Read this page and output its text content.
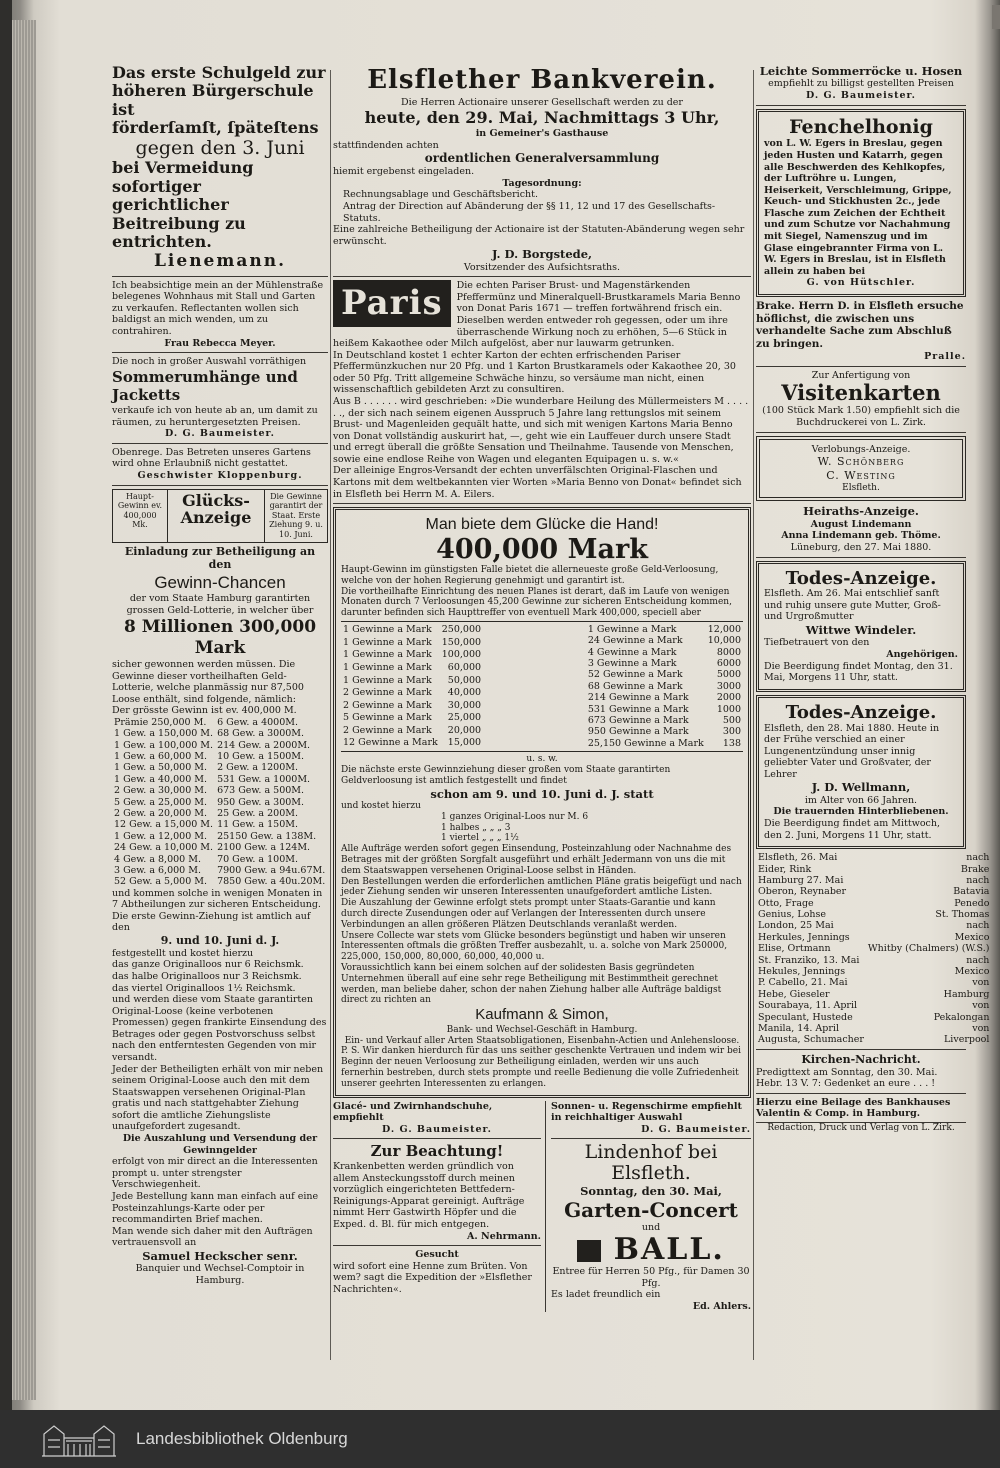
Das erste Schulgeld zur

höheren Bürgerschule ist

förderſamſt, ſpäteſtens

gegen den 3. Juni

bei Vermeidung sofortiger

gerichtlicher Beitreibung zu

entrichten.

Lienemann.

Ich beabsichtige mein an der Mühlenstraße belegenes Wohnhaus mit Stall und Garten zu verkaufen. Reflectanten wollen sich baldigst an mich wenden, um zu contrahiren.

Frau Rebecca Meyer.

Die noch in großer Auswahl vorräthigen

Sommerumhänge und Jacketts

verkaufe ich von heute ab an, um damit zu räumen, zu heruntergesetzten Preisen.

D. G. Baumeister.

Obenrege. Das Betreten unseres Gartens wird ohne Erlaubniß nicht gestattet.

Geschwister Kloppenburg.

Haupt-Gewinn ev. 400,000 Mk.
Glücks-Anzeige
Die Gewinne garantirt der Staat. Erste Ziehung 9. u. 10. Juni.

Einladung zur Betheiligung an den

Gewinn-Chancen

der vom Staate Hamburg garantirten grossen Geld-Lotterie, in welcher über

8 Millionen 300,000 Mark

sicher gewonnen werden müssen. Die Gewinne dieser vortheilhaften Geld-Lotterie, welche planmässig nur 87,500 Loose enthält, sind folgende, nämlich:

Der grösste Gewinn ist ev. 400,000 M.

Prämie 250,000 M.	6 Gew. a 4000M.
1 Gew. a 150,000 M.	68 Gew. a 3000M.
1 Gew. a 100,000 M.	214 Gew. a 2000M.
1 Gew. a 60,000 M.	10 Gew. a 1500M.
1 Gew. a 50,000 M.	2 Gew. a 1200M.
1 Gew. a 40,000 M.	531 Gew. a 1000M.
2 Gew. a 30,000 M.	673 Gew. a 500M.
5 Gew. a 25,000 M.	950 Gew. a 300M.
2 Gew. a 20,000 M.	25 Gew. a 200M.
12 Gew. a 15,000 M.	11 Gew. a 150M.
1 Gew. a 12,000 M.	25150 Gew. a 138M.
24 Gew. a 10,000 M.	2100 Gew. a 124M.
4 Gew. a 8,000 M.	70 Gew. a 100M.
3 Gew. a 6,000 M.	7900 Gew. a 94u.67M.
52 Gew. a 5,000 M.	7850 Gew. a 40u.20M.

und kommen solche in wenigen Monaten in 7 Abtheilungen zur sicheren Entscheidung.

Die erste Gewinn-Ziehung ist amtlich auf den

9. und 10. Juni d. J.

festgestellt und kostet hierzu

das ganze Originalloos nur 6 Reichsmk.

das halbe Originalloos nur 3 Reichsmk.

das viertel Originalloos 1½ Reichsmk.

und werden diese vom Staate garantirten Original-Loose (keine verbotenen Promessen) gegen frankirte Einsendung des Betrages oder gegen Postvorschuss selbst nach den entferntesten Gegenden von mir versandt.

Jeder der Betheiligten erhält von mir neben seinem Original-Loose auch den mit dem Staatswappen versehenen Original-Plan gratis und nach stattgehabter Ziehung sofort die amtliche Ziehungsliste unaufgefordert zugesandt.

Die Auszahlung und Versendung der Gewinngelder

erfolgt von mir direct an die Interessenten prompt u. unter strengster Verschwiegenheit.

Jede Bestellung kann man einfach auf eine Posteinzahlungs-Karte oder per recommandirten Brief machen.

Man wende sich daher mit den Aufträgen vertrauensvoll an

Samuel Heckscher senr.

Banquier und Wechsel-Comptoir in Hamburg.

Elsflether Bankverein.

Die Herren Actionaire unserer Gesellschaft werden zu der

heute, den 29. Mai, Nachmittags 3 Uhr,

in Gemeiner's Gasthause

stattfindenden achten

ordentlichen Generalversammlung

hiemit ergebenst eingeladen.

Tagesordnung:

Rechnungsablage und Geschäftsbericht.

Antrag der Direction auf Abänderung der §§ 11, 12 und 17 des Gesellschafts-Statuts.

Eine zahlreiche Betheiligung der Actionaire ist der Statuten-Abänderung wegen sehr erwünscht.

J. D. Borgstede,

Vorsitzender des Aufsichtsraths.

Paris	Die echten Pariser Brust- und Magenstärkenden Pfeffermünz und Mineralquell-Brustkaramels Maria Benno von Donat Paris 1671 — treffen fortwährend frisch ein. Dieselben werden entweder roh gegessen, oder um ihre überraschende Wirkung noch zu erhöhen, 5—6 Stück in heißem Kakaothee oder Milch aufgelöst, aber nur lauwarm getrunken.

In Deutschland kostet 1 echter Karton der echten erfrischenden Pariser Pfeffermünzkuchen nur 20 Pfg. und 1 Karton Brustkaramels oder Kakaothee 20, 30 oder 50 Pfg. Tritt allgemeine Schwäche hinzu, so versäume man nicht, einen wissenschaftlich gebildeten Arzt zu consultiren.

Aus B . . . . . . wird geschrieben: »Die wunderbare Heilung des Müllermeisters M . . . . . ., der sich nach seinem eigenen Ausspruch 5 Jahre lang rettungslos mit seinem Brust- und Magenleiden gequält hatte, und sich mit wenigen Kartons Maria Benno von Donat vollständig auskurirt hat, —, geht wie ein Lauffeuer durch unsere Stadt und erregt überall die größte Sensation und Theilnahme. Tausende von Menschen, sowie eine endlose Reihe von Wagen und eleganten Equipagen u. s. w.«

Der alleinige Engros-Versandt der echten unverfälschten Original-Flaschen und Kartons mit dem weltbekannten vier Worten »Maria Benno von Donat« befindet sich in Elsfleth bei Herrn M. A. Eilers.

Man biete dem Glücke die Hand!

400,000 Mark

Haupt-Gewinn im günstigsten Falle bietet die allerneueste große Geld-Verloosung, welche von der hohen Regierung genehmigt und garantirt ist.

Die vortheilhafte Einrichtung des neuen Planes ist derart, daß im Laufe von wenigen Monaten durch 7 Verloosungen 45,200 Gewinne zur sicheren Entscheidung kommen, darunter befinden sich Haupttreffer von eventuell Mark 400,000, speciell aber

1 Gewinne a Mark	250,000
1 Gewinne a Mark	150,000
1 Gewinne a Mark	100,000
1 Gewinne a Mark	60,000
1 Gewinne a Mark	50,000
2 Gewinne a Mark	40,000
2 Gewinne a Mark	30,000
5 Gewinne a Mark	25,000
2 Gewinne a Mark	20,000
12 Gewinne a Mark	15,000
1 Gewinne a Mark	12,000
24 Gewinne a Mark	10,000
4 Gewinne a Mark	8000
3 Gewinne a Mark	6000
52 Gewinne a Mark	5000
68 Gewinne a Mark	3000
214 Gewinne a Mark	2000
531 Gewinne a Mark	1000
673 Gewinne a Mark	500
950 Gewinne a Mark	300
25,150 Gewinne a Mark	138

u. s. w.

Die nächste erste Gewinnziehung dieser großen vom Staate garantirten Geldverloosung ist amtlich festgestellt und findet

schon am 9. und 10. Juni d. J. statt

und kostet hierzu

1 ganzes Original-Loos nur M. 6

1 halbes „ „ „ 3

1 viertel „ „ „ 1½

Alle Aufträge werden sofort gegen Einsendung, Posteinzahlung oder Nachnahme des Betrages mit der größten Sorgfalt ausgeführt und erhält Jedermann von uns die mit dem Staatswappen versehenen Original-Loose selbst in Händen.

Den Bestellungen werden die erforderlichen amtlichen Pläne gratis beigefügt und nach jeder Ziehung senden wir unseren Interessenten unaufgefordert amtliche Listen.

Die Auszahlung der Gewinne erfolgt stets prompt unter Staats-Garantie und kann durch directe Zusendungen oder auf Verlangen der Interessenten durch unsere Verbindungen an allen größeren Plätzen Deutschlands veranlaßt werden.

Unsere Collecte war stets vom Glücke besonders begünstigt und haben wir unseren Interessenten oftmals die größten Treffer ausbezahlt, u. a. solche von Mark 250000, 225,000, 150,000, 80,000, 60,000, 40,000 u.

Voraussichtlich kann bei einem solchen auf der solidesten Basis gegründeten Unternehmen überall auf eine sehr rege Betheiligung mit Bestimmtheit gerechnet werden, man beliebe daher, schon der nahen Ziehung halber alle Aufträge baldigst direct zu richten an

Kaufmann & Simon,

Bank- und Wechsel-Geschäft in Hamburg.

Ein- und Verkauf aller Arten Staatsobligationen, Eisenbahn-Actien und Anlehensloose.

P. S. Wir danken hierdurch für das uns seither geschenkte Vertrauen und indem wir bei Beginn der neuen Verloosung zur Betheiligung einladen, werden wir uns auch fernerhin bestreben, durch stets prompte und reelle Bedienung die volle Zufriedenheit unserer geehrten Interessenten zu erlangen.

Glacé- und Zwirnhandschuhe, empfiehlt

D. G. Baumeister.

Zur Beachtung!

Krankenbetten werden gründlich von allem Ansteckungsstoff durch meinen vorzüglich eingerichteten Bettfedern-Reinigungs-Apparat gereinigt. Aufträge nimmt Herr Gastwirth Höpfer und die Exped. d. Bl. für mich entgegen.

A. Nehrmann.

Gesucht

wird sofort eine Henne zum Brüten. Von wem? sagt die Expedition der »Elsflether Nachrichten«.

Sonnen- u. Regenschirme empfiehlt in reichhaltiger Auswahl

D. G. Baumeister.

Lindenhof bei Elsfleth.

Sonntag, den 30. Mai,

Garten-Concert

und

BALL.

Entree für Herren 50 Pfg., für Damen 30 Pfg.

Es ladet freundlich ein

Ed. Ahlers.

Leichte Sommerröcke u. Hosen

empfiehlt zu billigst gestellten Preisen

D. G. Baumeister.

Fenchelhonig

von L. W. Egers in Breslau, gegen jeden Husten und Katarrh, gegen alle Beschwerden des Kehlkopfes, der Luftröhre u. Lungen, Heiserkeit, Verschleimung, Grippe, Keuch- und Stickhusten 2c., jede Flasche zum Zeichen der Echtheit und zum Schutze vor Nachahmung mit Siegel, Namenszug und im Glase eingebrannter Firma von L. W. Egers in Breslau, ist in Elsfleth allein zu haben bei

G. von Hütschler.

Brake. Herrn D. in Elsfleth ersuche höflichst, die zwischen uns verhandelte Sache zum Abschluß zu bringen.

Pralle.

Zur Anfertigung von

Visitenkarten

(100 Stück Mark 1.50) empfiehlt sich die Buchdruckerei von L. Zirk.

Verlobungs-Anzeige.

W. Schönberg

C. Westing

Elsfleth.

Heiraths-Anzeige.

August Lindemann

Anna Lindemann geb. Thöme.

Lüneburg, den 27. Mai 1880.

Todes-Anzeige.

Elsfleth. Am 26. Mai entschlief sanft und ruhig unsere gute Mutter, Groß- und Urgroßmutter

Wittwe Windeler.

Tiefbetrauert von den

Angehörigen.

Die Beerdigung findet Montag, den 31. Mai, Morgens 11 Uhr, statt.

Todes-Anzeige.

Elsfleth, den 28. Mai 1880. Heute in der Frühe verschied an einer Lungenentzündung unser innig geliebter Vater und Großvater, der Lehrer

J. D. Wellmann,

im Alter von 66 Jahren.

Die trauernden Hinterbliebenen.

Die Beerdigung findet am Mittwoch, den 2. Juni, Morgens 11 Uhr, statt.

Elsfleth, 26. Mai	nach
Eider, Rink	Brake
Hamburg 27. Mai	nach
Oberon, Reynaber	Batavia
Otto, Frage	Penedo
Genius, Lohse	St. Thomas
London, 25 Mai	nach
Herkules, Jennings	Mexico
Elise, Ortmann	Whitby (Chalmers) (W.S.)
St. Franziko, 13. Mai	nach
Hekules, Jennings	Mexico
P. Cabello, 21. Mai	von
Hebe, Gieseler	Hamburg
Sourabaya, 11. April	von
Speculant, Hustede	Pekalongan
Manila, 14. April	von
Augusta, Schumacher	Liverpool

Kirchen-Nachricht.

Predigttext am Sonntag, den 30. Mai. Hebr. 13 V. 7: Gedenket an eure . . . !

Hierzu eine Beilage des Bankhauses Valentin & Comp. in Hamburg.

Redaction, Druck und Verlag von L. Zirk.

Landesbibliothek Oldenburg
